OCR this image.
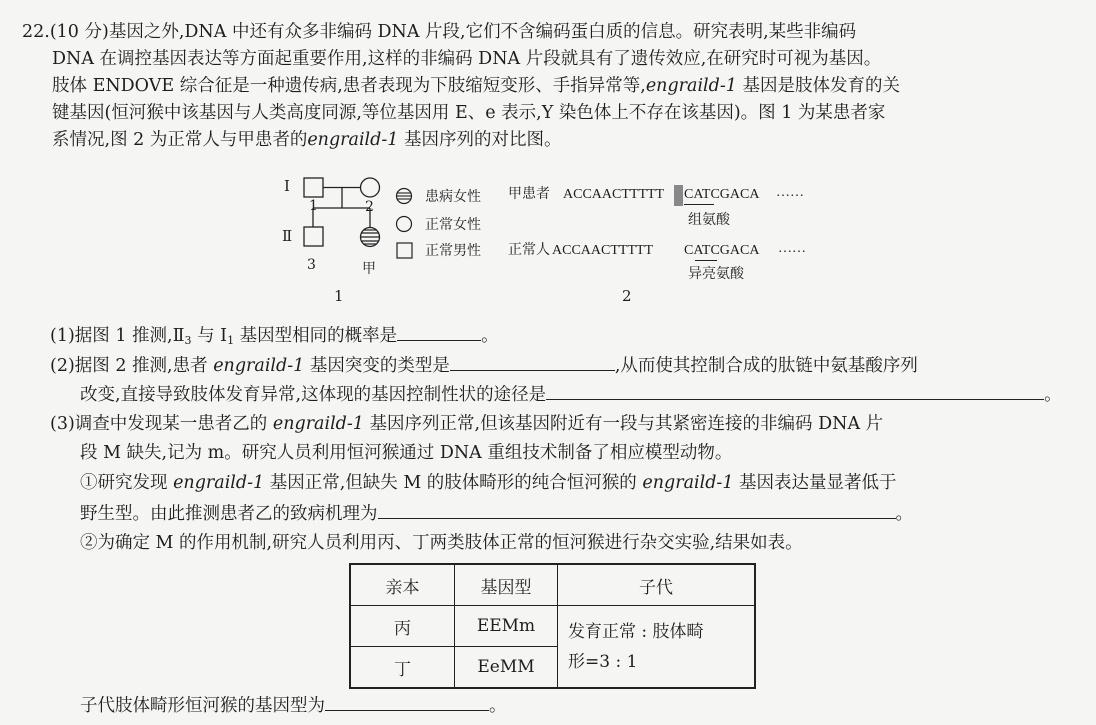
22.(10 分)基因之外,DNA 中还有众多非编码 DNA 片段,它们不含编码蛋白质的信息。研究表明,某些非编码
DNA 在调控基因表达等方面起重要作用,这样的非编码 DNA 片段就具有了遗传效应,在研究时可视为基因。
肢体 ENDOVE 综合征是一种遗传病,患者表现为下肢缩短变形、手指异常等,engraild-1 基因是肢体发育的关
键基因(恒河猴中该基因与人类高度同源,等位基因用 E、e 表示,Y 染色体上不存在该基因)。图 1 为某患者家
系情况,图 2 为正常人与甲患者的engraild-1 基因序列的对比图。
Ⅰ
Ⅱ
1	2
3	甲
患病女性
正常女性
正常男性
1
甲患者 ACCAACTTTTT CATCGACA ……
组氨酸
正常人 ACCAACTTTTT CATCGACA ……
异亮氨酸
2
(1)据图 1 推测$,Ⅱ_3$ 与 $Ⅰ_1$ 基因型相同的概率是	。
(2)据图 2 推测,患者 engraild-1 基因突变的类型是	,从而使其控制合成的肽链中氨基酸序列
改变,直接导致肢体发育异常,这体现的基因控制性状的途径是	。
(3)调查中发现某一患者乙的 engraild-1 基因序列正常,但该基因附近有一段与其紧密连接的非编码 DNA 片
段 M 缺失,记为 m。研究人员利用恒河猴通过 DNA 重组技术制备了相应模型动物。
①研究发现 engraild-1 基因正常,但缺失 M 的肢体畸形的纯合恒河猴的 engraild-1 基因表达量显著低于
野生型。由此推测患者乙的致病机理为	。
②为确定 M 的作用机制,研究人员利用丙、丁两类肢体正常的恒河猴进行杂交实验,结果如表。
亲本	基因型	子代
丙	EEMm	发育正常 : 肢体畸
形=3 : 1

丁	EeMM	
子代肢体畸形恒河猴的基因型为	。
